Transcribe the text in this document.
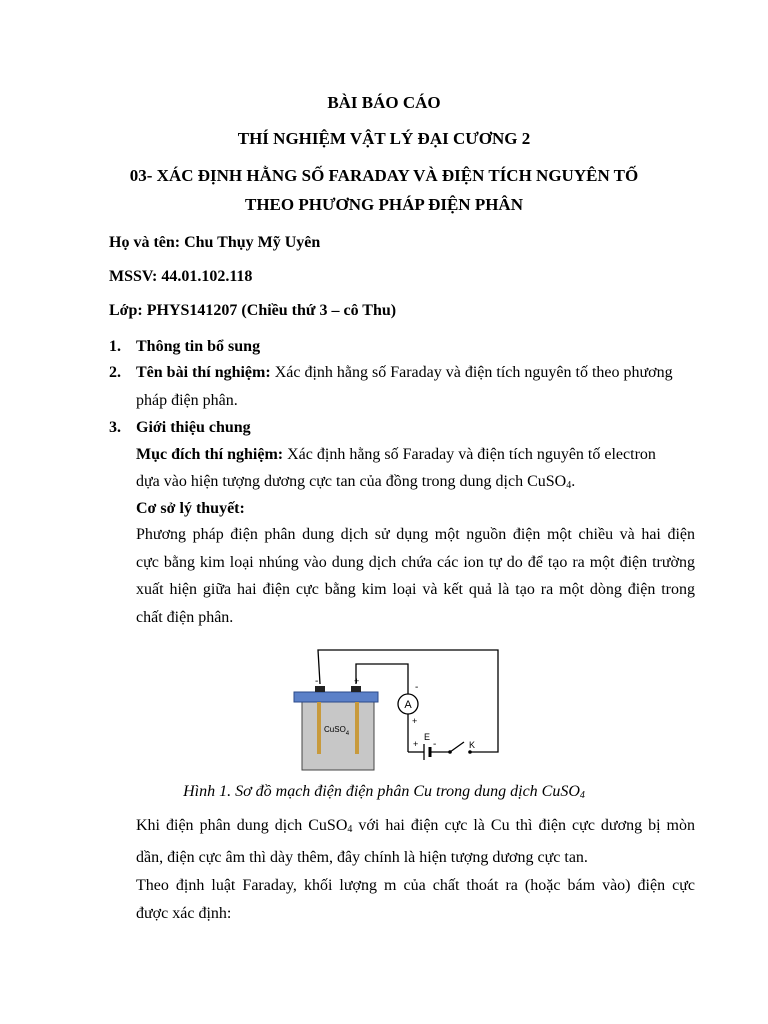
BÀI BÁO CÁO
THÍ NGHIỆM VẬT LÝ ĐẠI CƯƠNG 2
03- XÁC ĐỊNH HẰNG SỐ FARADAY VÀ ĐIỆN TÍCH NGUYÊN TỐ
THEO PHƯƠNG PHÁP ĐIỆN PHÂN
Họ và tên: Chu Thụy Mỹ Uyên
MSSV: 44.01.102.118
Lớp: PHYS141207 (Chiều thứ 3 – cô Thu)
1. Thông tin bổ sung
2. Tên bài thí nghiệm: Xác định hằng số Faraday và điện tích nguyên tố theo phương
pháp điện phân.
3. Giới thiệu chung
Mục đích thí nghiệm: Xác định hằng số Faraday và điện tích nguyên tố electron
dựa vào hiện tượng dương cực tan của đồng trong dung dịch CuSO$_4$.
Cơ sở lý thuyết:
Phương pháp điện phân dung dịch sử dụng một nguồn điện một chiều và hai điện
cực bằng kim loại nhúng vào dung dịch chứa các ion tự do để tạo ra một điện trường
xuất hiện giữa hai điện cực bằng kim loại và kết quả là tạo ra một dòng điện trong
chất điện phân.
A
CuSO$_4$
-	+
-
+
+ -
E
K
Hình 1. Sơ đồ mạch điện điện phân Cu trong dung dịch CuSO$_4$
Khi điện phân dung dịch CuSO$_4$ với hai điện cực là Cu thì điện cực dương bị mòn
dần, điện cực âm thì dày thêm, đây chính là hiện tượng dương cực tan.
Theo định luật Faraday, khối lượng m của chất thoát ra (hoặc bám vào) điện cực
được xác định:
